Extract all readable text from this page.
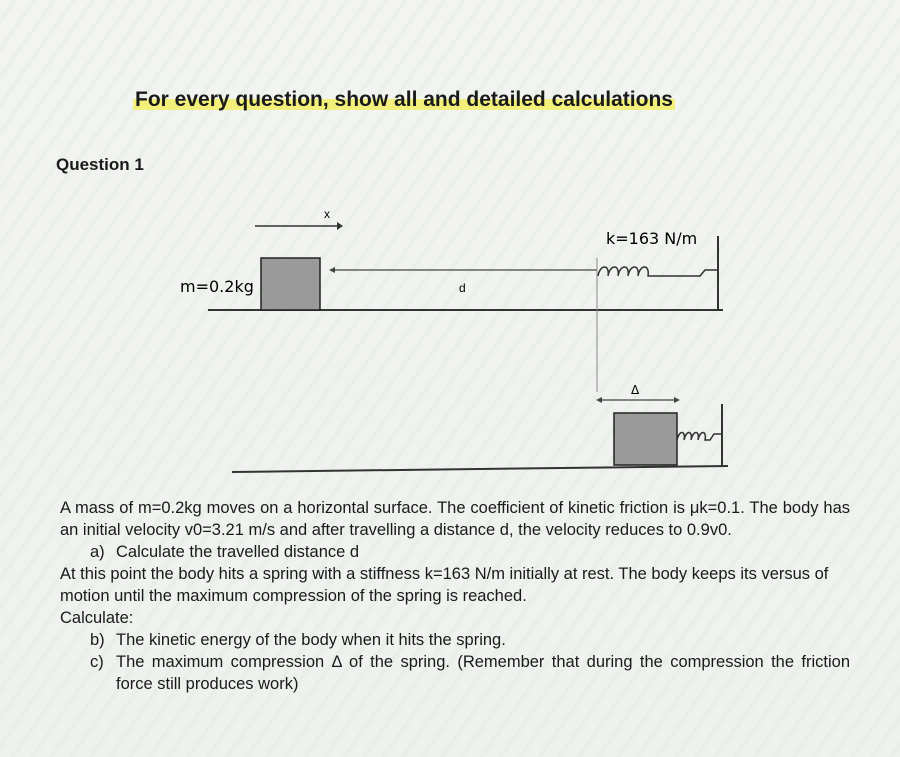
For every question, show all and detailed calculations
Question 1
x
m=0.2kg	d
k=163 N/m
Δ

A mass of m=0.2kg moves on a horizontal surface. The coefficient of kinetic friction is μk=0.1. The body has an initial velocity v0=3.21 m/s and after travelling a distance d, the velocity reduces to 0.9v0.

a) Calculate the travelled distance d

At this point the body hits a spring with a stiffness k=163 N/m initially at rest. The body keeps its versus of motion until the maximum compression of the spring is reached.

Calculate:

b) The kinetic energy of the body when it hits the spring.
c) The maximum compression Δ of the spring. (Remember that during the compression the friction force still produces work)
